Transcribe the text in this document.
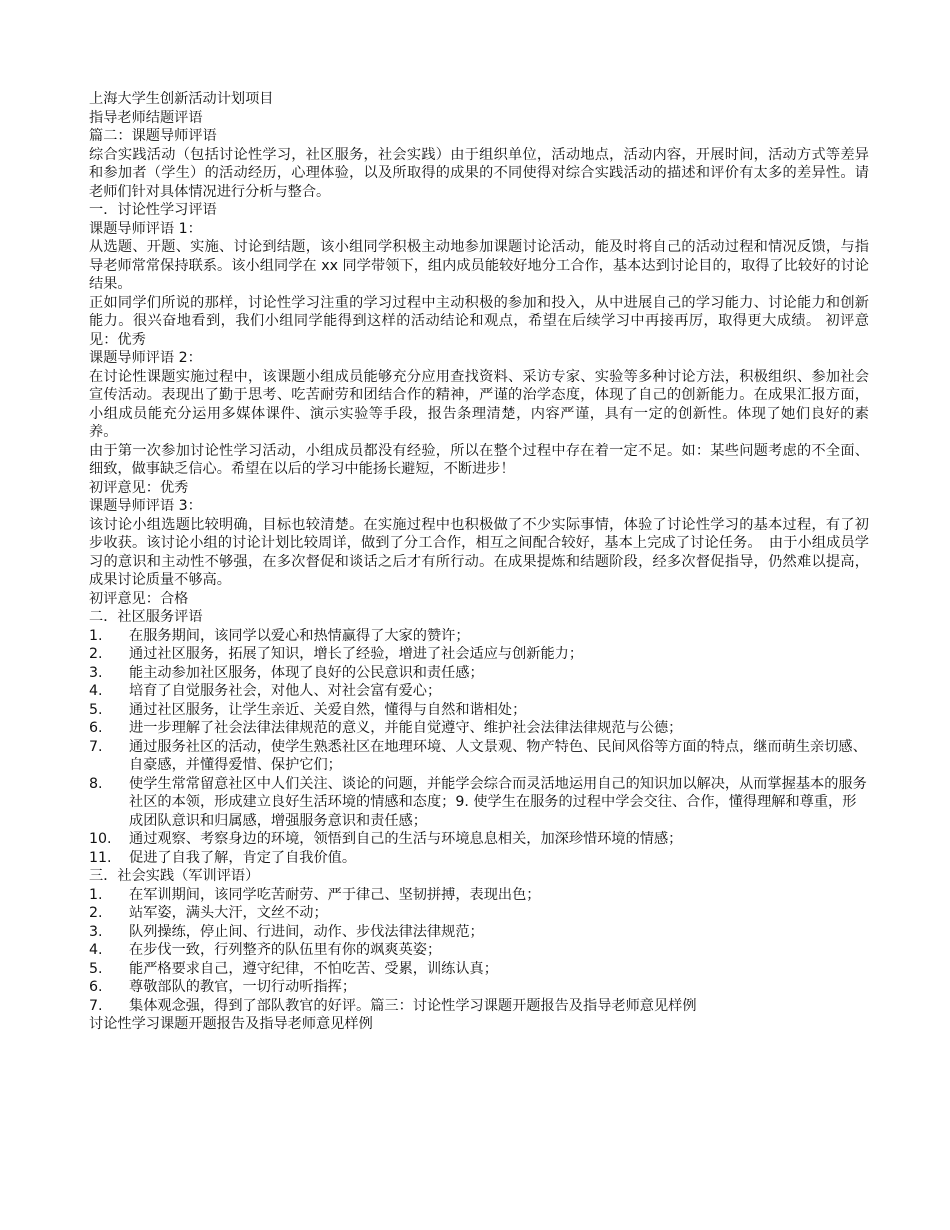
上海大学生创新活动计划项目
指导老师结题评语
篇二：课题导师评语
综合实践活动（包括讨论性学习，社区服务，社会实践）由于组织单位，活动地点，活动内容，开展时间，活动方式等差异和参加者（学生）的活动经历，心理体验，以及所取得的成果的不同使得对综合实践活动的描述和评价有太多的差异性。请老师们针对具体情况进行分析与整合。
一．讨论性学习评语
课题导师评语 1：
从选题、开题、实施、讨论到结题，该小组同学积极主动地参加课题讨论活动，能及时将自己的活动过程和情况反馈，与指导老师常常保持联系。该小组同学在 xx 同学带领下，组内成员能较好地分工合作，基本达到讨论目的，取得了比较好的讨论结果。
正如同学们所说的那样，讨论性学习注重的学习过程中主动积极的参加和投入，从中进展自己的学习能力、讨论能力和创新能力。很兴奋地看到，我们小组同学能得到这样的活动结论和观点，希望在后续学习中再接再厉，取得更大成绩。 初评意见：优秀
课题导师评语 2：
在讨论性课题实施过程中，该课题小组成员能够充分应用查找资料、采访专家、实验等多种讨论方法，积极组织、参加社会宣传活动。表现出了勤于思考、吃苦耐劳和团结合作的精神，严谨的治学态度，体现了自己的创新能力。在成果汇报方面，小组成员能充分运用多媒体课件、演示实验等手段，报告条理清楚，内容严谨，具有一定的创新性。体现了她们良好的素养。
由于第一次参加讨论性学习活动，小组成员都没有经验，所以在整个过程中存在着一定不足。如：某些问题考虑的不全面、细致，做事缺乏信心。希望在以后的学习中能扬长避短，不断进步！
初评意见：优秀
课题导师评语 3：
该讨论小组选题比较明确，目标也较清楚。在实施过程中也积极做了不少实际事情，体验了讨论性学习的基本过程，有了初步收获。该讨论小组的讨论计划比较周详，做到了分工合作，相互之间配合较好，基本上完成了讨论任务。　由于小组成员学习的意识和主动性不够强，在多次督促和谈话之后才有所行动。在成果提炼和结题阶段，经多次督促指导，仍然难以提高，成果讨论质量不够高。
初评意见：合格
二．社区服务评语
1.	在服务期间，该同学以爱心和热情赢得了大家的赞许；
2.	通过社区服务，拓展了知识，增长了经验，增进了社会适应与创新能力；
3.	能主动参加社区服务，体现了良好的公民意识和责任感；
4.	培育了自觉服务社会，对他人、对社会富有爱心；
5.	通过社区服务，让学生亲近、关爱自然，懂得与自然和谐相处；
6.	进一步理解了社会法律法律规范的意义，并能自觉遵守、维护社会法律法律规范与公德；
7.	通过服务社区的活动，使学生熟悉社区在地理环境、人文景观、物产特色、民间风俗等方面的特点，继而萌生亲切感、自豪感，并懂得爱惜、保护它们；
8.	使学生常常留意社区中人们关注、谈论的问题，并能学会综合而灵活地运用自己的知识加以解决，从而掌握基本的服务社区的本领，形成建立良好生活环境的情感和态度；9. 使学生在服务的过程中学会交往、合作，懂得理解和尊重，形成团队意识和归属感，增强服务意识和责任感；
10.	通过观察、考察身边的环境，领悟到自己的生活与环境息息相关，加深珍惜环境的情感；
11.	促进了自我了解，肯定了自我价值。
三．社会实践（军训评语）
1.	在军训期间，该同学吃苦耐劳、严于律己、坚韧拼搏，表现出色；
2.	站军姿，满头大汗，文丝不动；
3.	队列操练，停止间、行进间，动作、步伐法律法律规范；
4.	在步伐一致，行列整齐的队伍里有你的飒爽英姿；
5.	能严格要求自己，遵守纪律，不怕吃苦、受累，训练认真；
6.	尊敬部队的教官，一切行动听指挥；
7.	集体观念强，得到了部队教官的好评。篇三：讨论性学习课题开题报告及指导老师意见样例
讨论性学习课题开题报告及指导老师意见样例
